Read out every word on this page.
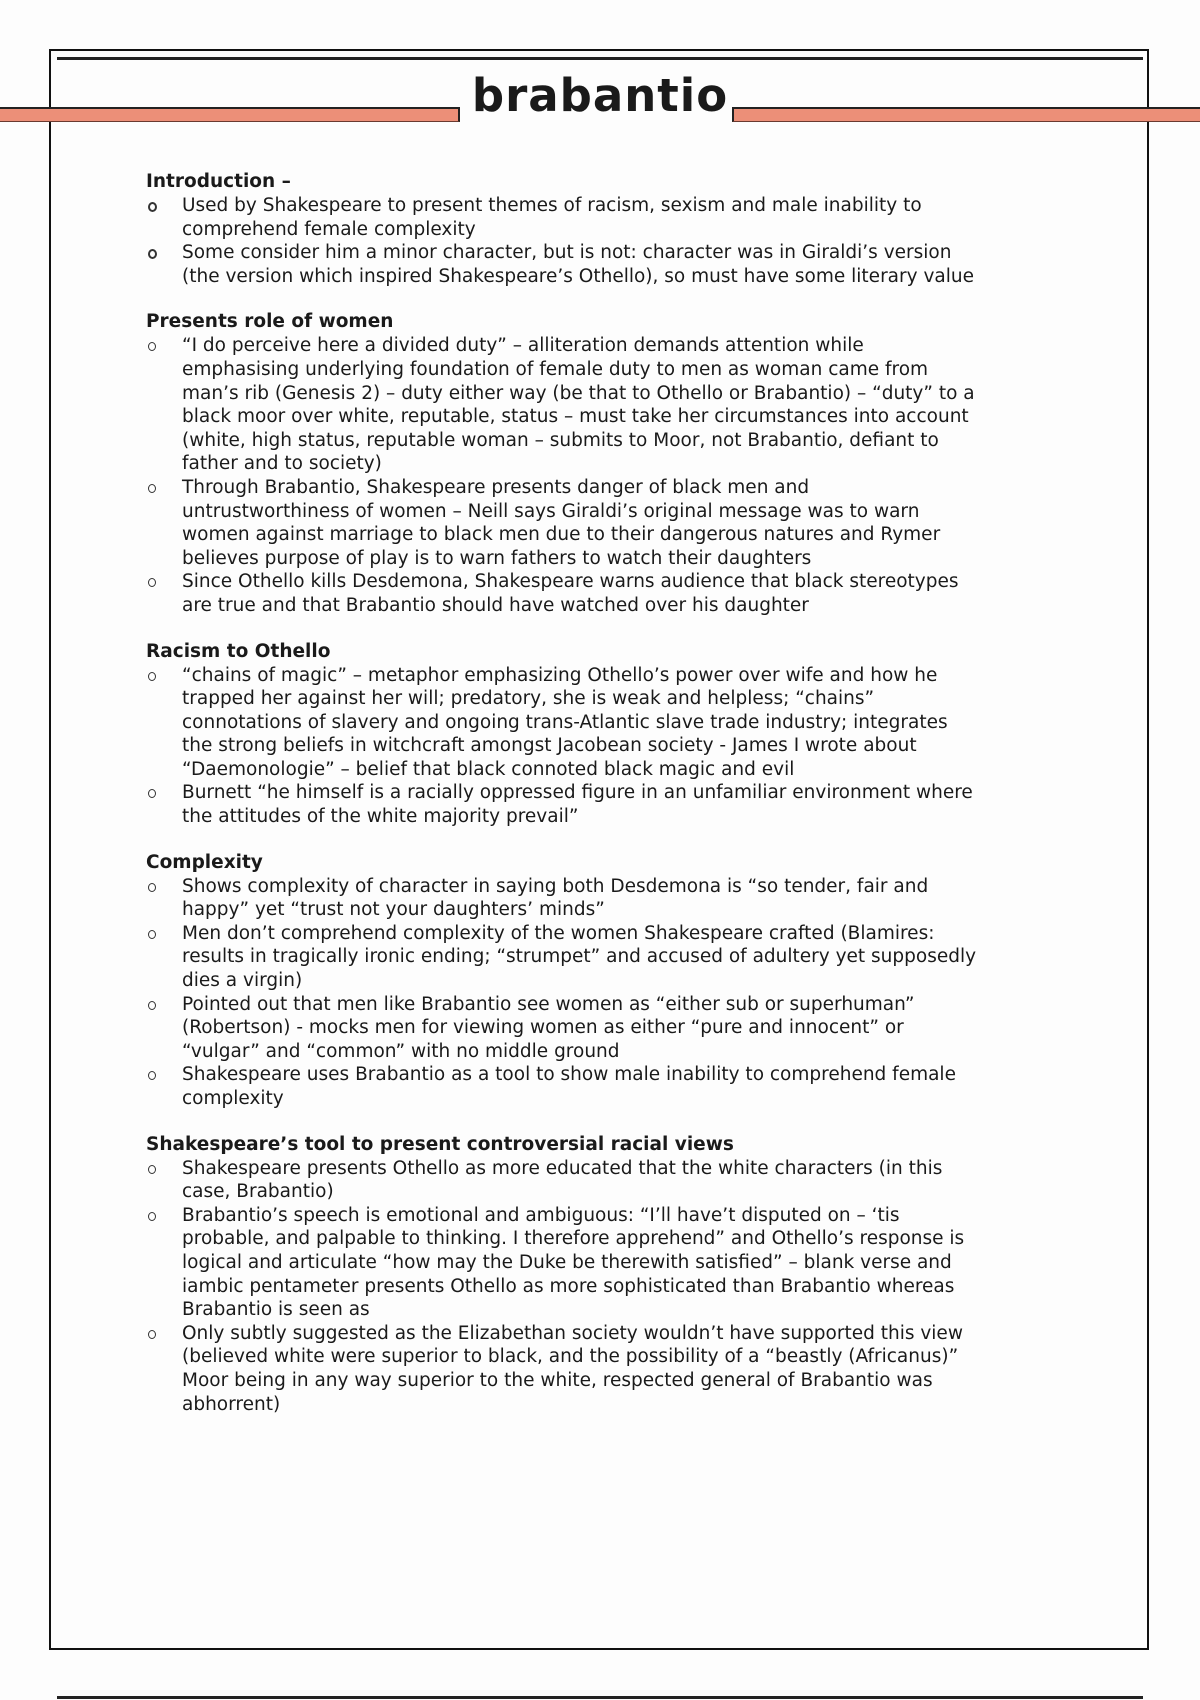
brabantio
Introduction –
Used by Shakespeare to present themes of racism, sexism and male inability to
comprehend female complexity
Some consider him a minor character, but is not: character was in Giraldi’s version
(the version which inspired Shakespeare’s Othello), so must have some literary value
Presents role of women
“I do perceive here a divided duty” – alliteration demands attention while
emphasising underlying foundation of female duty to men as woman came from
man’s rib (Genesis 2) – duty either way (be that to Othello or Brabantio) – “duty” to a
black moor over white, reputable, status – must take her circumstances into account
(white, high status, reputable woman – submits to Moor, not Brabantio, defiant to
father and to society)
Through Brabantio, Shakespeare presents danger of black men and
untrustworthiness of women – Neill says Giraldi’s original message was to warn
women against marriage to black men due to their dangerous natures and Rymer
believes purpose of play is to warn fathers to watch their daughters
Since Othello kills Desdemona, Shakespeare warns audience that black stereotypes
are true and that Brabantio should have watched over his daughter
Racism to Othello
“chains of magic” – metaphor emphasizing Othello’s power over wife and how he
trapped her against her will; predatory, she is weak and helpless; “chains”
connotations of slavery and ongoing trans-Atlantic slave trade industry; integrates
the strong beliefs in witchcraft amongst Jacobean society - James I wrote about
“Daemonologie” – belief that black connoted black magic and evil
Burnett “he himself is a racially oppressed figure in an unfamiliar environment where
the attitudes of the white majority prevail”
Complexity
Shows complexity of character in saying both Desdemona is “so tender, fair and
happy” yet “trust not your daughters’ minds”
Men don’t comprehend complexity of the women Shakespeare crafted (Blamires:
results in tragically ironic ending; “strumpet” and accused of adultery yet supposedly
dies a virgin)
Pointed out that men like Brabantio see women as “either sub or superhuman”
(Robertson) - mocks men for viewing women as either “pure and innocent” or
“vulgar” and “common” with no middle ground
Shakespeare uses Brabantio as a tool to show male inability to comprehend female
complexity
Shakespeare’s tool to present controversial racial views
Shakespeare presents Othello as more educated that the white characters (in this
case, Brabantio)
Brabantio’s speech is emotional and ambiguous: “I’ll have’t disputed on – ‘tis
probable, and palpable to thinking. I therefore apprehend” and Othello’s response is
logical and articulate “how may the Duke be therewith satisfied” – blank verse and
iambic pentameter presents Othello as more sophisticated than Brabantio whereas
Brabantio is seen as
Only subtly suggested as the Elizabethan society wouldn’t have supported this view
(believed white were superior to black, and the possibility of a “beastly (Africanus)”
Moor being in any way superior to the white, respected general of Brabantio was
abhorrent)
